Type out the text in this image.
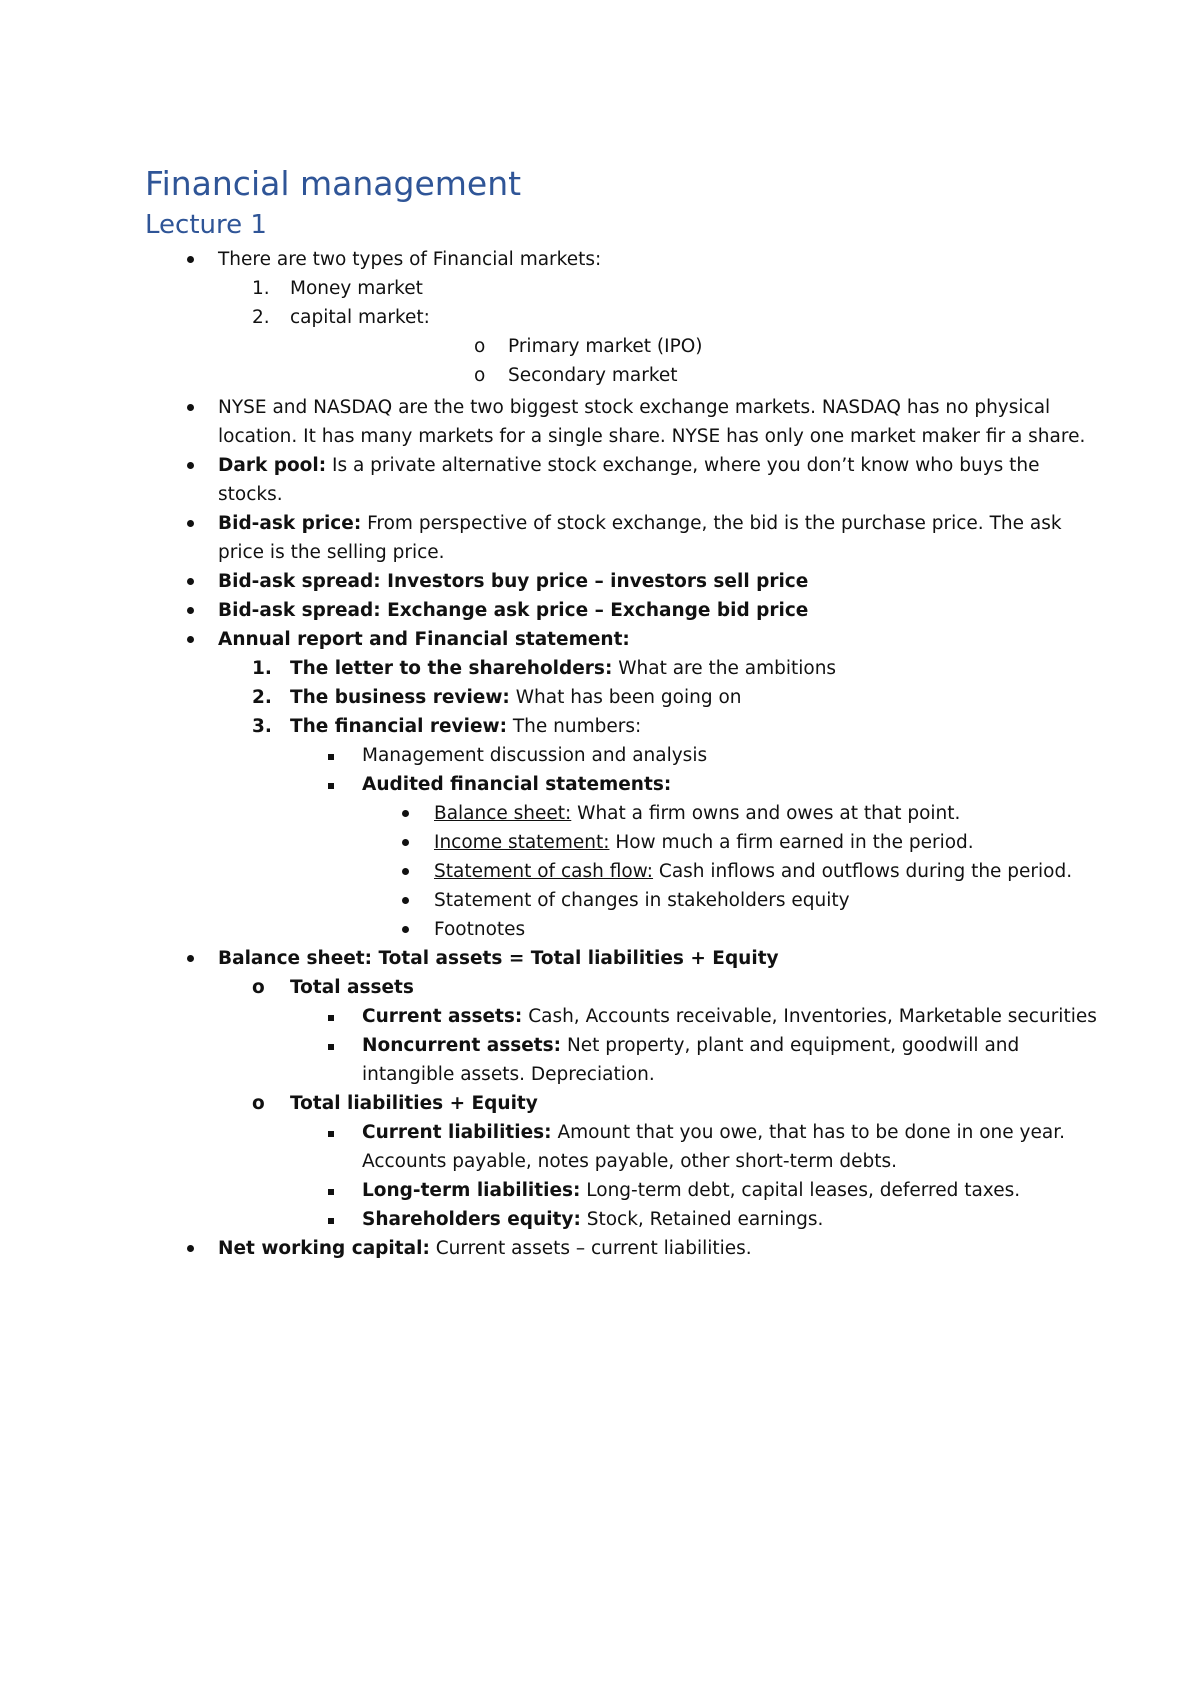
Financial management
Lecture 1
There are two types of Financial markets:
1. Money market
2. capital market:
o Primary market (IPO)
o Secondary market
NYSE and NASDAQ are the two biggest stock exchange markets. NASDAQ has no physical
location. It has many markets for a single share. NYSE has only one market maker fir a share.
Dark pool: Is a private alternative stock exchange, where you don’t know who buys the
stocks.
Bid-ask price: From perspective of stock exchange, the bid is the purchase price. The ask
price is the selling price.
Bid-ask spread: Investors buy price – investors sell price
Bid-ask spread: Exchange ask price – Exchange bid price
Annual report and Financial statement:
1. The letter to the shareholders: What are the ambitions
2. The business review: What has been going on
3. The financial review: The numbers:
Management discussion and analysis
Audited financial statements:
Balance sheet: What a firm owns and owes at that point.
Income statement: How much a firm earned in the period.
Statement of cash flow: Cash inflows and outflows during the period.
Statement of changes in stakeholders equity
Footnotes
Balance sheet: Total assets = Total liabilities + Equity
o Total assets
Current assets: Cash, Accounts receivable, Inventories, Marketable securities
Noncurrent assets: Net property, plant and equipment, goodwill and
intangible assets. Depreciation.
o Total liabilities + Equity
Current liabilities: Amount that you owe, that has to be done in one year.
Accounts payable, notes payable, other short-term debts.
Long-term liabilities: Long-term debt, capital leases, deferred taxes.
Shareholders equity: Stock, Retained earnings.
Net working capital: Current assets – current liabilities.
